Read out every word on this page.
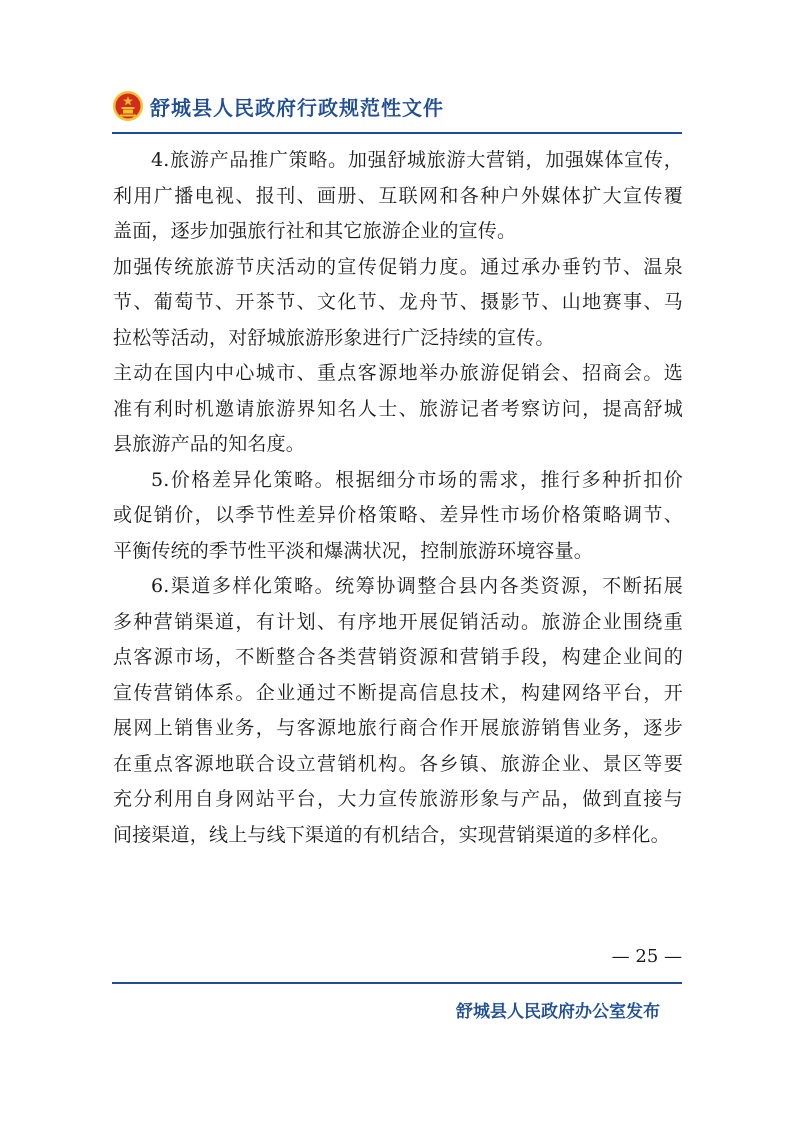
舒城县人民政府行政规范性文件

4.旅游产品推广策略。加强舒城旅游大营销，加强媒体宣传，

利用广播电视、报刊、画册、互联网和各种户外媒体扩大宣传覆

盖面，逐步加强旅行社和其它旅游企业的宣传。

加强传统旅游节庆活动的宣传促销力度。通过承办垂钓节、温泉

节、葡萄节、开茶节、文化节、龙舟节、摄影节、山地赛事、马

拉松等活动，对舒城旅游形象进行广泛持续的宣传。

主动在国内中心城市、重点客源地举办旅游促销会、招商会。选

准有利时机邀请旅游界知名人士、旅游记者考察访问，提高舒城

县旅游产品的知名度。

5.价格差异化策略。根据细分市场的需求，推行多种折扣价

或促销价，以季节性差异价格策略、差异性市场价格策略调节、

平衡传统的季节性平淡和爆满状况，控制旅游环境容量。

6.渠道多样化策略。统筹协调整合县内各类资源，不断拓展

多种营销渠道，有计划、有序地开展促销活动。旅游企业围绕重

点客源市场，不断整合各类营销资源和营销手段，构建企业间的

宣传营销体系。企业通过不断提高信息技术，构建网络平台，开

展网上销售业务，与客源地旅行商合作开展旅游销售业务，逐步

在重点客源地联合设立营销机构。各乡镇、旅游企业、景区等要

充分利用自身网站平台，大力宣传旅游形象与产品，做到直接与

间接渠道，线上与线下渠道的有机结合，实现营销渠道的多样化。

— 25 —
舒城县人民政府办公室发布
